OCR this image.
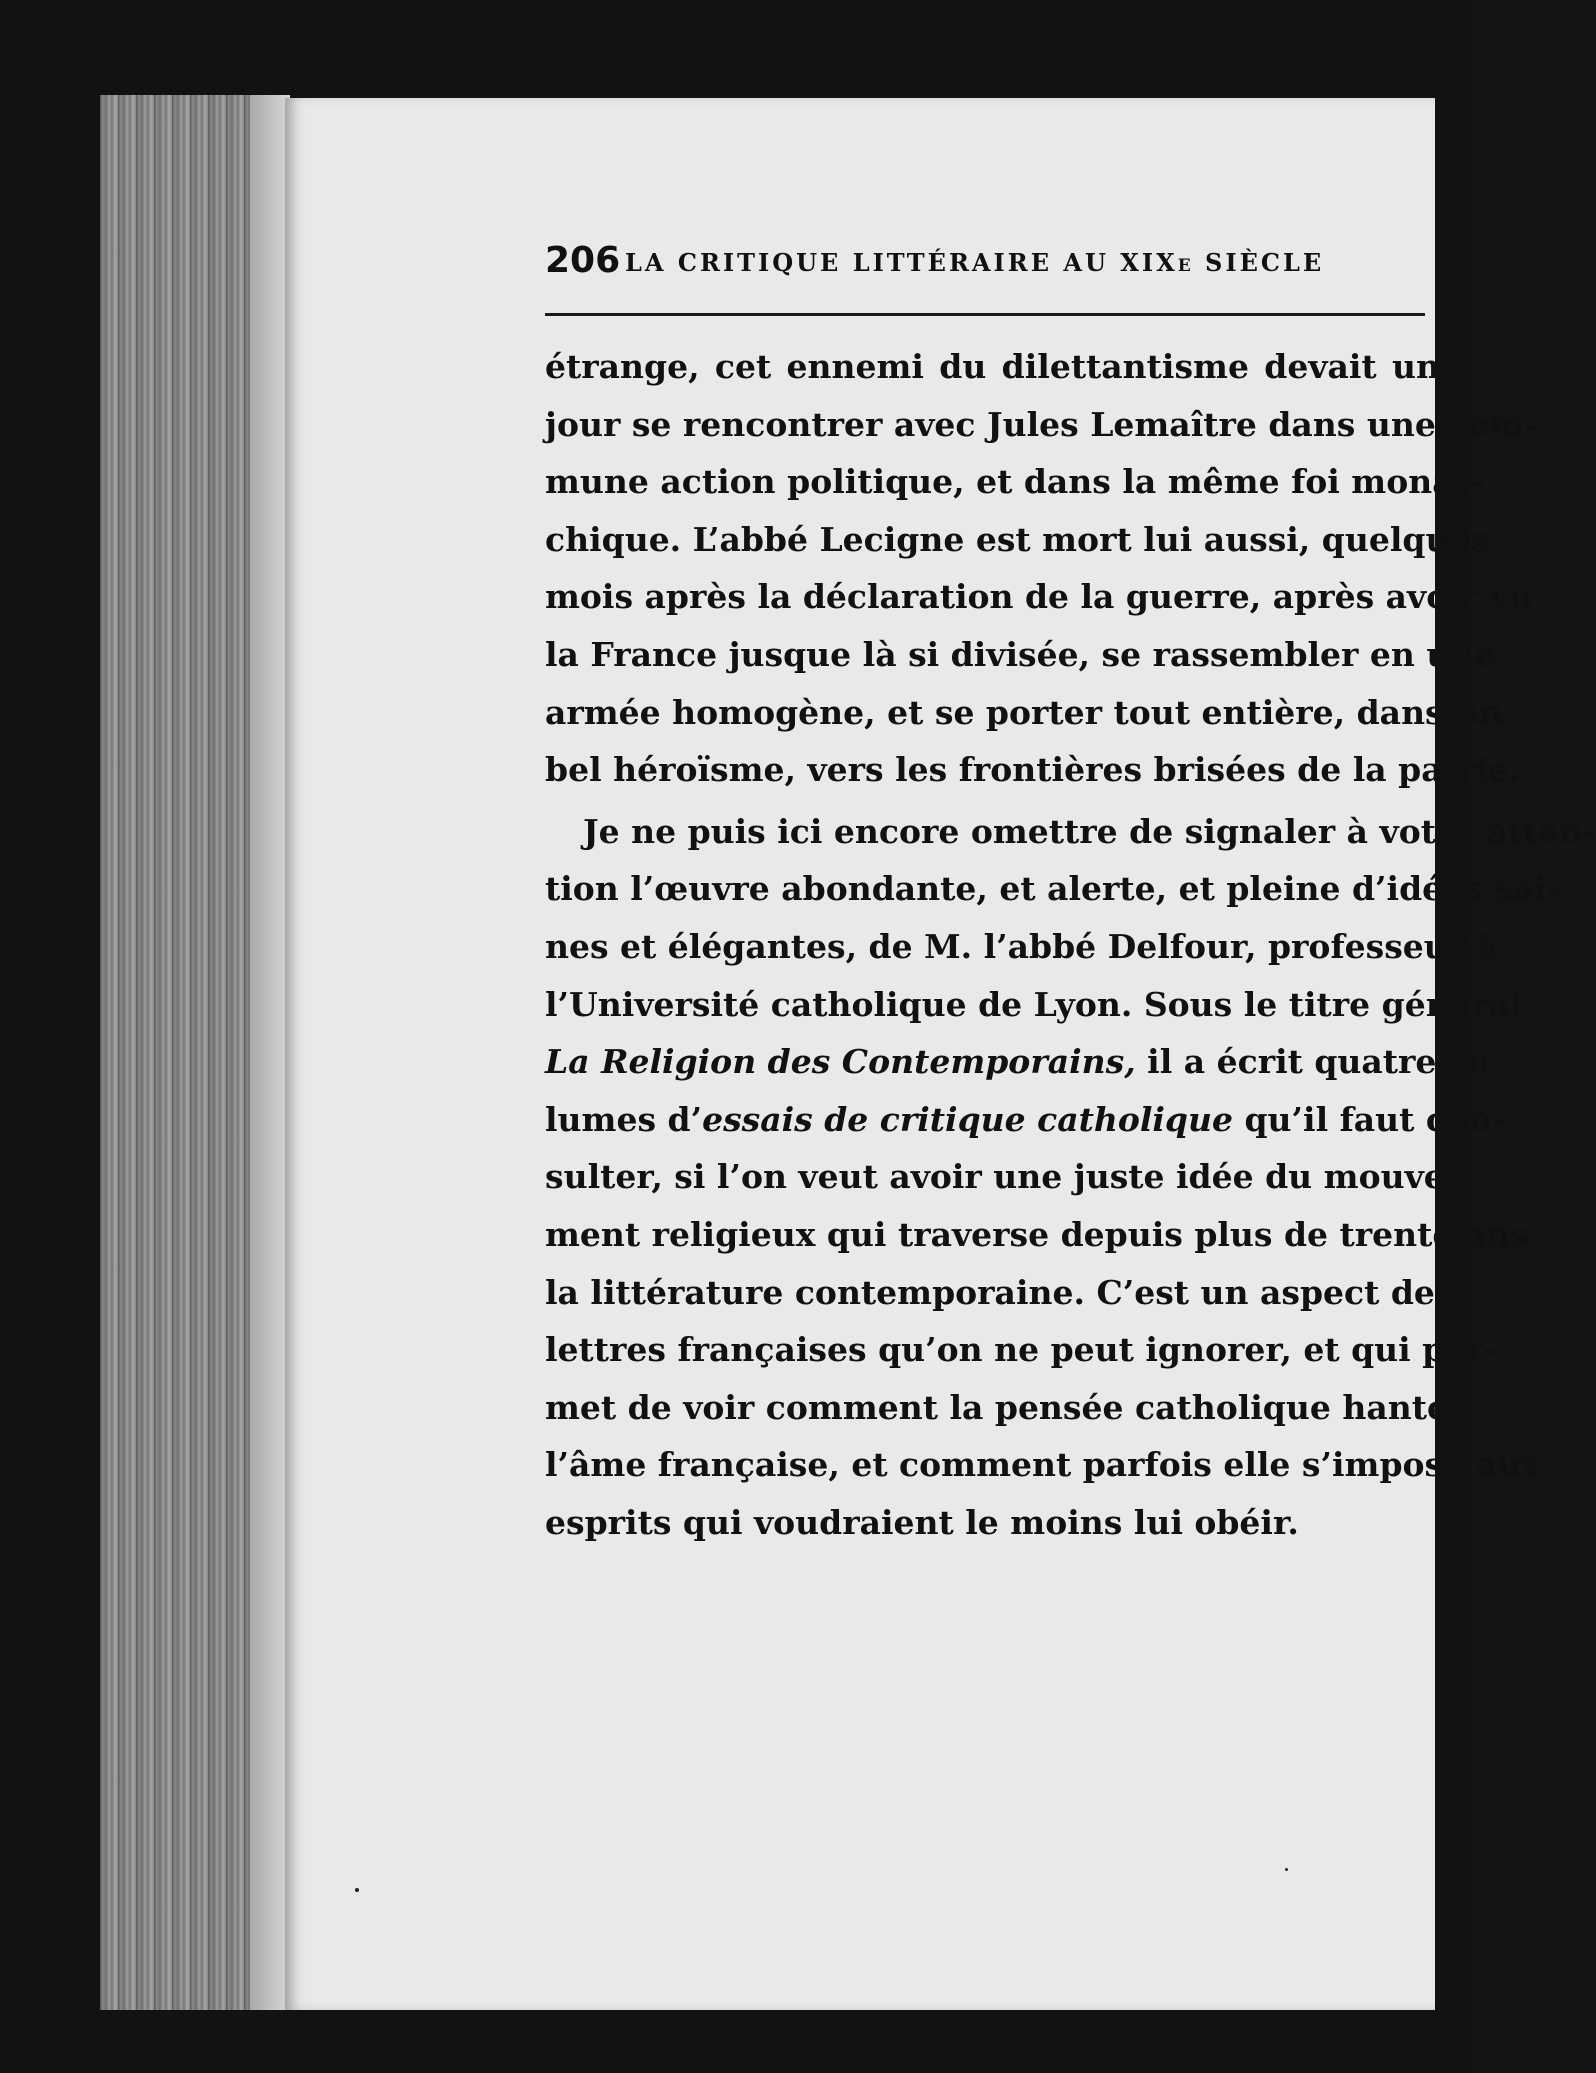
206 LA CRITIQUE LITTÉRAIRE AU XIXe SIÈCLE
étrange, cet ennemi du dilettantisme devait un
jour se rencontrer avec Jules Lemaître dans une com-
mune action politique, et dans la même foi monar-
chique. L’abbé Lecigne est mort lui aussi, quelques
mois après la déclaration de la guerre, après avoir vu
la France jusque là si divisée, se rassembler en une
armée homogène, et se porter tout entière, dans un
bel héroïsme, vers les frontières brisées de la patrie.
Je ne puis ici encore omettre de signaler à votre atten-
tion l’œuvre abondante, et alerte, et pleine d’idées sai-
nes et élégantes, de M. l’abbé Delfour, professeur à
l’Université catholique de Lyon. Sous le titre général
La Religion des Contemporains, il a écrit quatre vo-
lumes d’essais de critique catholique qu’il faut con-
sulter, si l’on veut avoir une juste idée du mouve-
ment religieux qui traverse depuis plus de trente ans
la littérature contemporaine. C’est un aspect des
lettres françaises qu’on ne peut ignorer, et qui per-
met de voir comment la pensée catholique hante
l’âme française, et comment parfois elle s’impose aux
esprits qui voudraient le moins lui obéir.
